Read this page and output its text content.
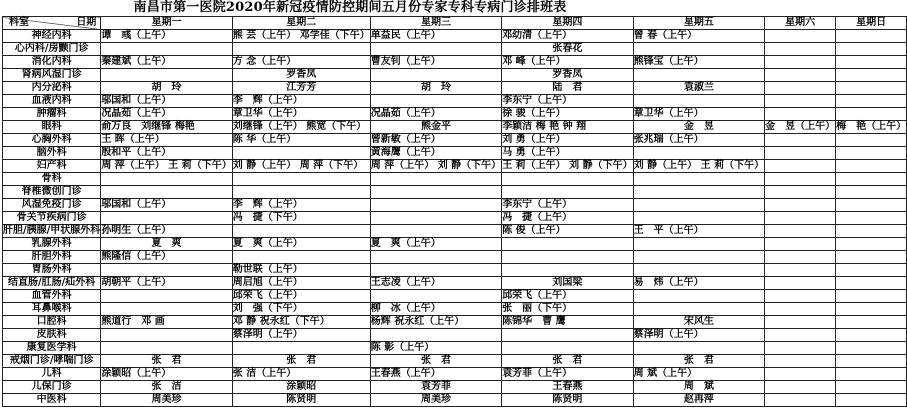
南昌市第一医院2020年新冠疫情防控期间五月份专家专科专病门诊排班表
科室 日期	星期一	星期二	星期三	星期四	星期五	星期六	星期日
神经内科	谭　彧（上午）	熊 芸（上午） 邓学佳（下午）	单益民（上午）	邓幼清（上午）	曾 春（上午）		
心内科/房颤门诊				张春花			
消化内科	秦建斌（上午）	方 念（上午）	曹友钊（上午）	邓 峰（上午）	熊锋宝（上午）		
肾病风湿门诊		罗香凤		罗香凤			
内分泌科	胡　玲	江芳芳	胡　玲	陆　君	袁淑兰		
血液内科	邬国和（上午）	李　辉（上午）		李东宁（上午）			
肿瘤科	况晶茹（上午）	章卫华（上午）	况晶茹（上午）	徐 骏（上午）	章卫华（上午）		
眼科	俞万良　刘继锋 梅艳	刘继锋（上午） 熊宽（下午）	熊金平	李颖洁 梅 艳 钟 翔	金　昱	金　昱（上午）	梅　艳（上午）
心胸外科	王 晖（上午）	陈 华（上午）	曾新敏（上午）	刘 勇（上午）	张兆瑞（上午）		
脑外科	殷和平（上午）		黄海鹰（上午）	马 勇（上午）			
妇产科	周 萍（上午） 王 莉（下午）	刘 静（上午） 周 萍（下午）	周 萍（上午） 刘 静（下午）	王 莉（上午） 刘 静（下午）	刘 静（上午） 王 莉（下午）		
骨科							
脊椎微创门诊							
风湿免疫门诊	邬国和（上午）	李　辉（上午）		李东宁（上午）			
骨关节疾病门诊		冯　捷（下午）		冯　捷（上午）			
肝胆/胰腺/甲状腺外科	孙明生（上午）			陈 俊（上午）	王　平（上午）		
乳腺外科	夏　爽	夏　爽（上午）	夏　爽（上午）				
肝胆外科	熊隆信（上午）						
胃肠外科		勒世联（上午）					
结直肠/肛肠/疝外科	胡朝平（上午）	周启旭（上午）	王志凌（上午）	刘国梁	易　炜（上午）		
血管外科		邱荣飞（上午）		邱荣飞（上午）			
耳鼻喉科		刘　强（下午）	柳　冰（上午）	张　丽（下午）			
口腔科	熊道行　邓 画	邓 静 祝永红（下午）	杨辉 祝永红（上午）	陈锦华　曹 鹰	宋风生		
皮肤科		蔡泽明（上午）			蔡泽明（上午）		
康复医学科			陈 影（上午）				
戒烟门诊/哮喘门诊	张　君	张　君	张　君	张　君	张　君		
儿科	涂颖昭（上午）	张 洁（上午）	王春燕（上午）	袁芳菲（上午）	周 斌（上午）		
儿保门诊	张　洁	涂颖昭	袁芳菲	王春燕	周　斌		
中医科	周美珍	陈贤明	周美珍	陈贤明	赵再萍		
